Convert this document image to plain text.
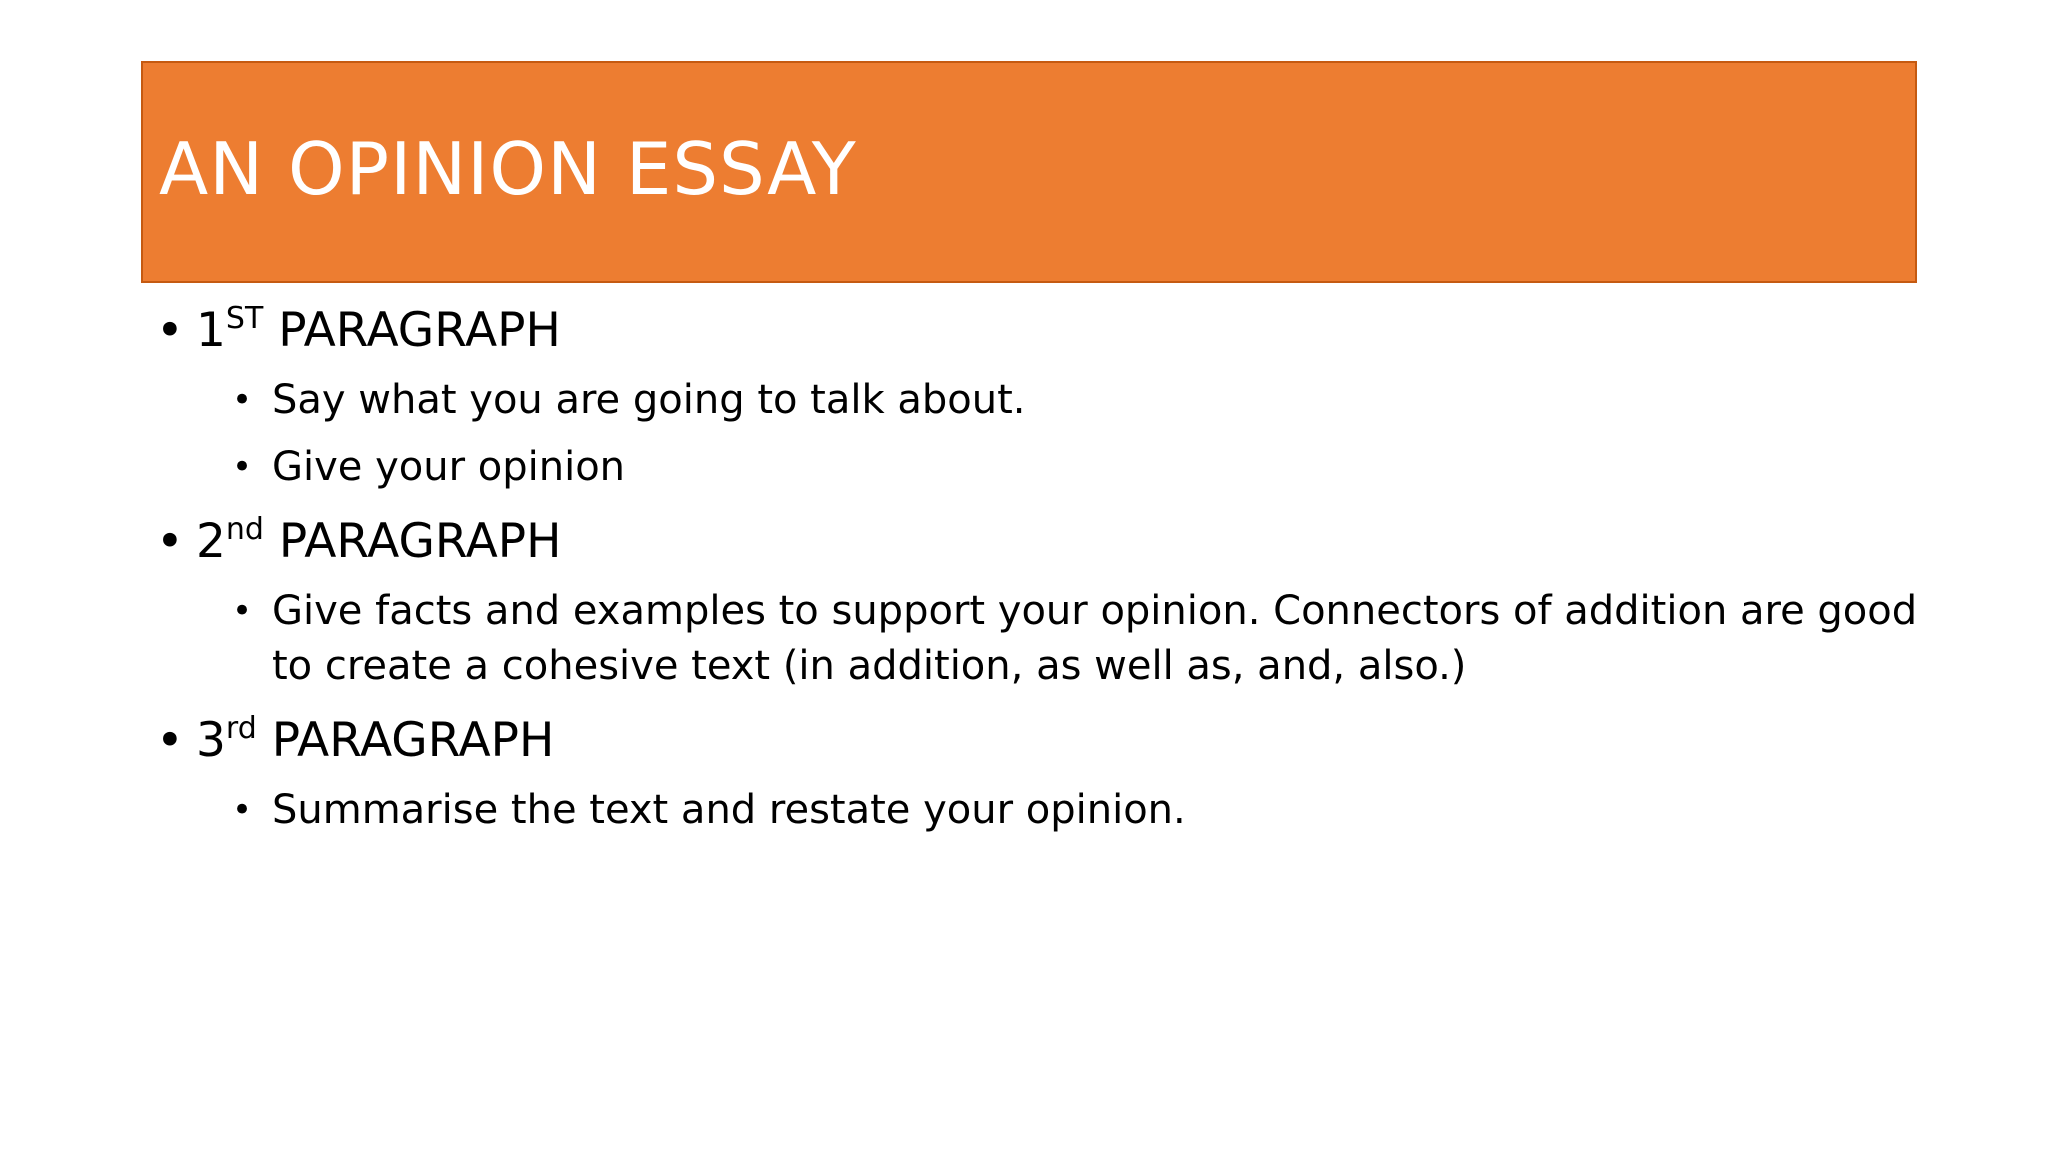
AN OPINION ESSAY
• 1ST PARAGRAPH
• Say what you are going to talk about.
• Give your opinion
• 2nd PARAGRAPH
• Give facts and examples to support your opinion. Connectors of addition are good to create a cohesive text (in addition, as well as, and, also.)
• 3rd PARAGRAPH
• Summarise the text and restate your opinion.
